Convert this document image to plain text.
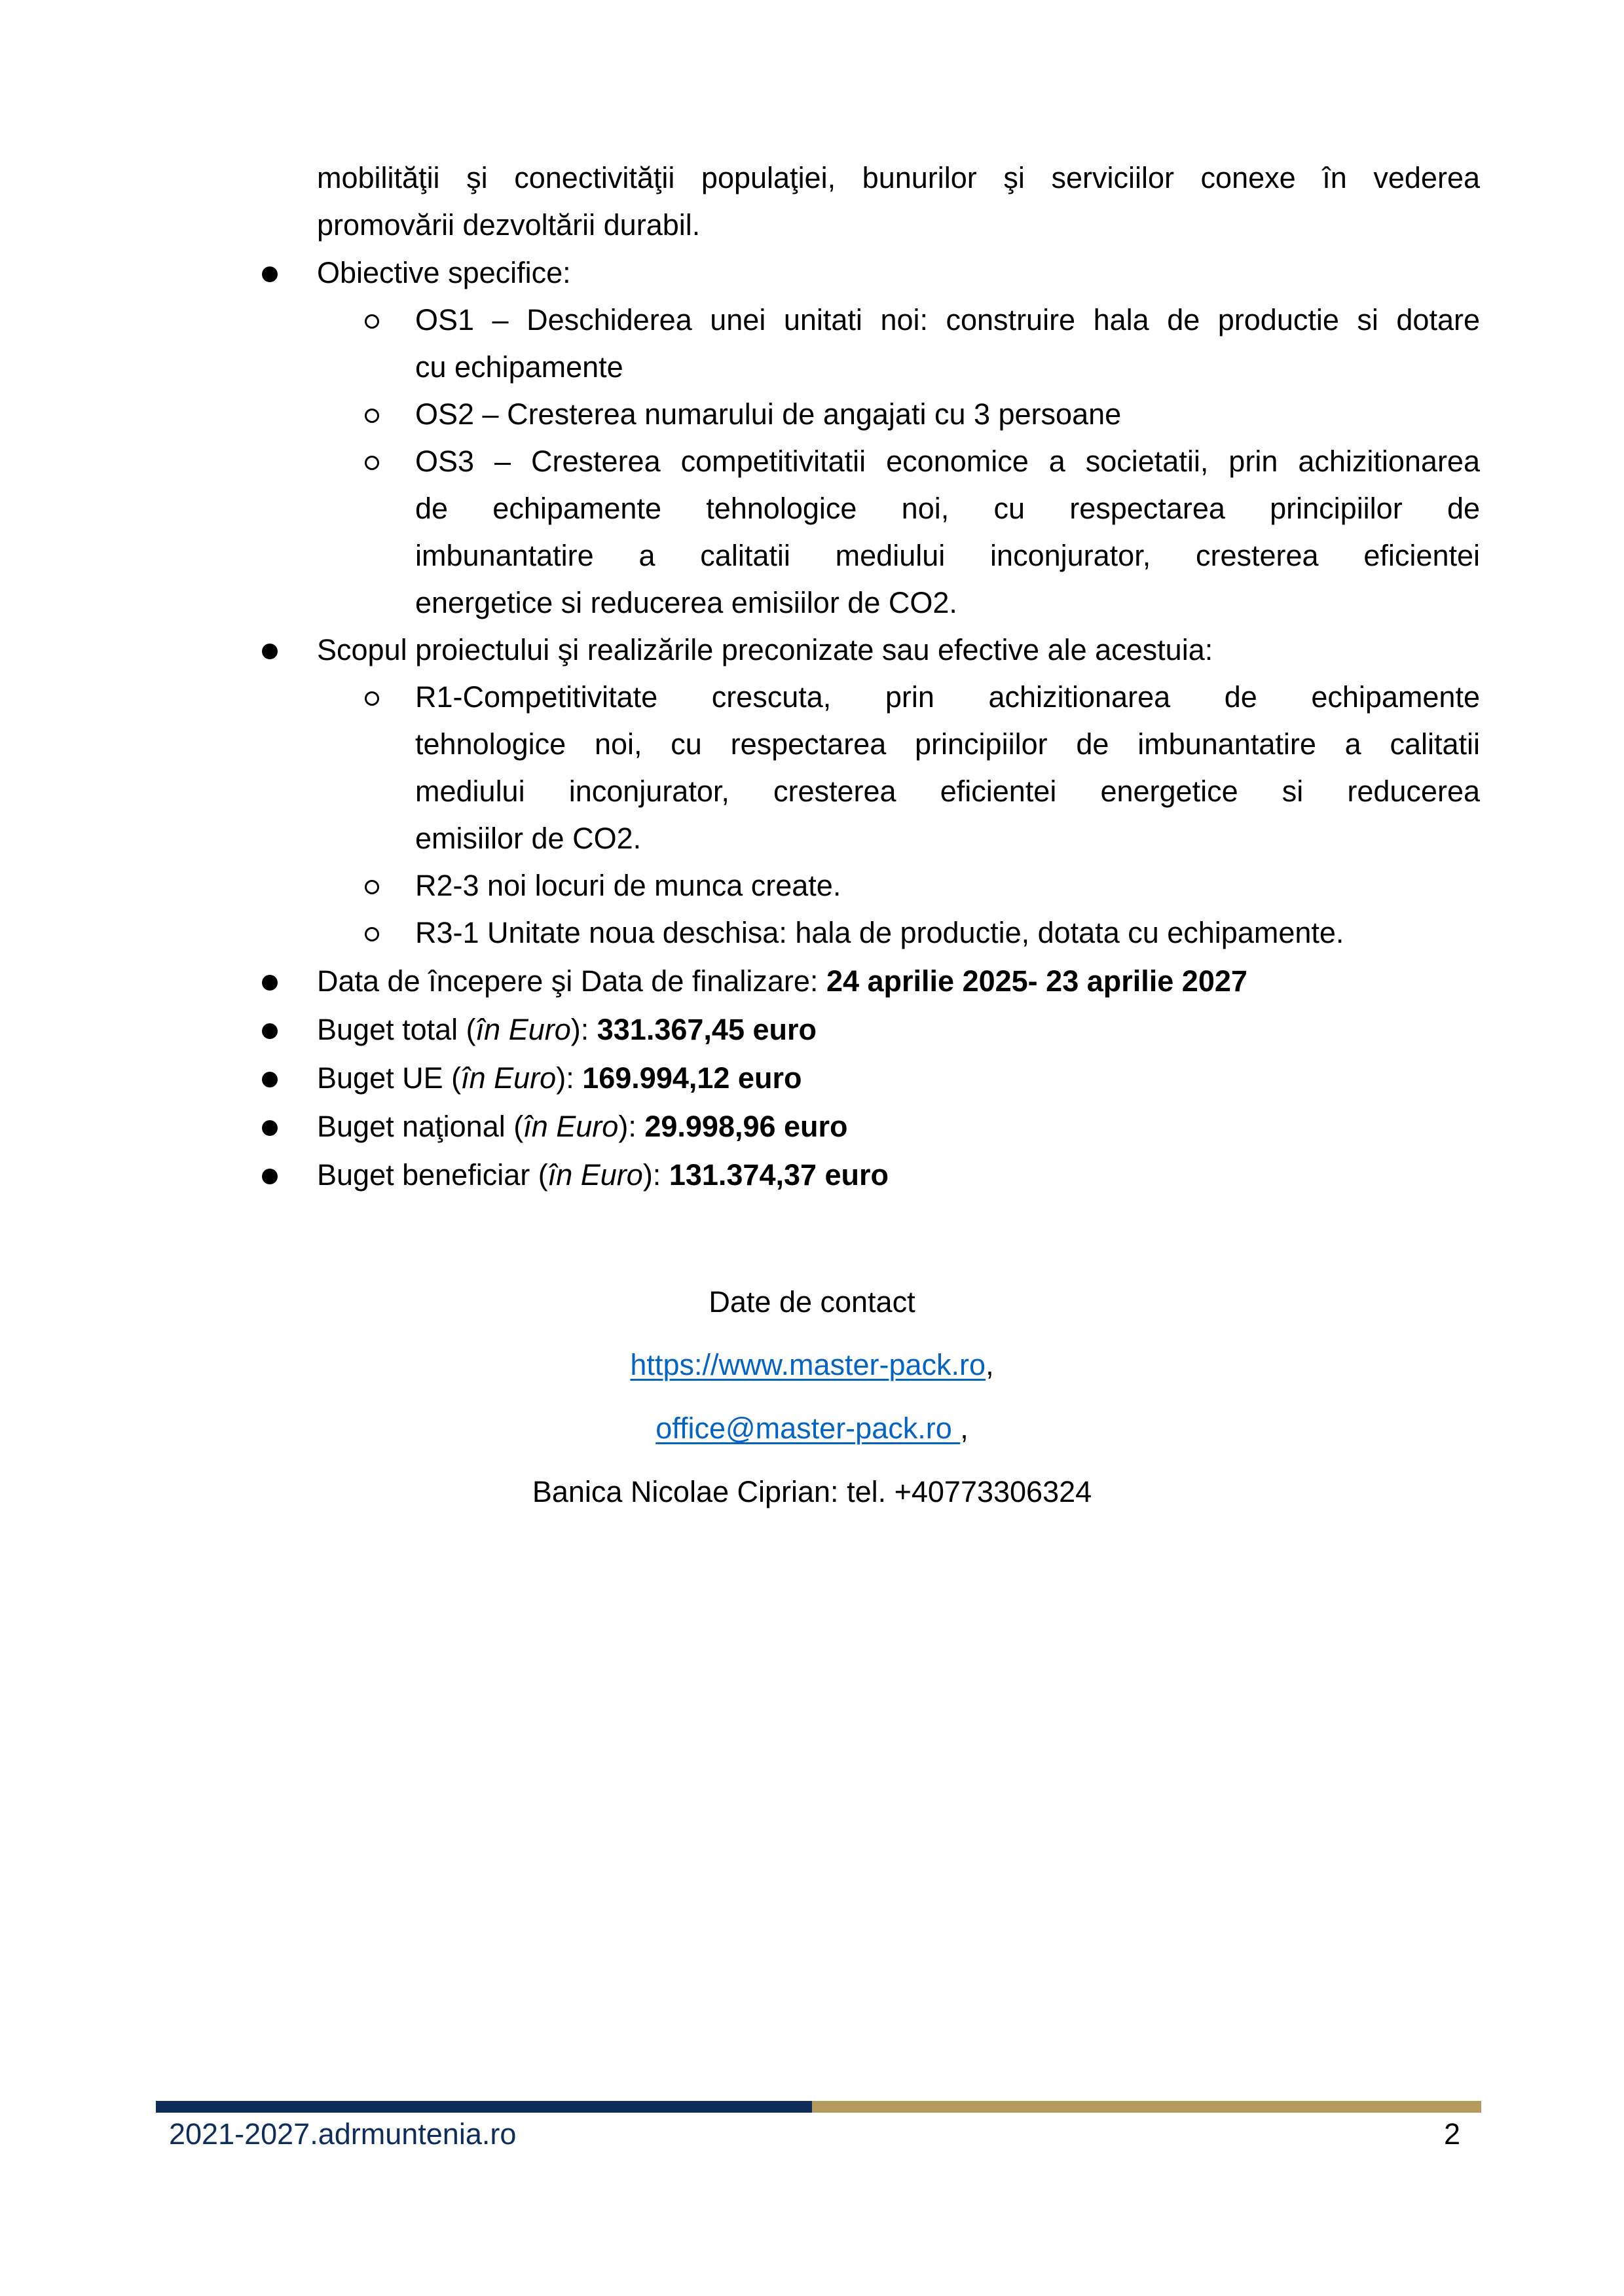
mobilităţii şi conectivităţii populaţiei, bunurilor şi serviciilor conexe în vederea
promovării dezvoltării durabil.
Obiective specifice:
OS1 – Deschiderea unei unitati noi: construire hala de productie si dotare
cu echipamente
OS2 – Cresterea numarului de angajati cu 3 persoane
OS3 – Cresterea competitivitatii economice a societatii, prin achizitionarea
de echipamente tehnologice noi, cu respectarea principiilor de
imbunantatire a calitatii mediului inconjurator, cresterea eficientei
energetice si reducerea emisiilor de CO2.
Scopul proiectului şi realizările preconizate sau efective ale acestuia:
R1-Competitivitate crescuta, prin achizitionarea de echipamente
tehnologice noi, cu respectarea principiilor de imbunantatire a calitatii
mediului inconjurator, cresterea eficientei energetice si reducerea
emisiilor de CO2.
R2-3 noi locuri de munca create.
R3-1 Unitate noua deschisa: hala de productie, dotata cu echipamente.
Data de începere şi Data de finalizare: 24 aprilie 2025- 23 aprilie 2027
Buget total (în Euro): 331.367,45 euro
Buget UE (în Euro): 169.994,12 euro
Buget naţional (în Euro): 29.998,96 euro
Buget beneficiar (în Euro): 131.374,37 euro
Date de contact
https://www.master-pack.ro,
office@master-pack.ro ,
Banica Nicolae Ciprian: tel. +40773306324
2021-2027.adrmuntenia.ro	2
